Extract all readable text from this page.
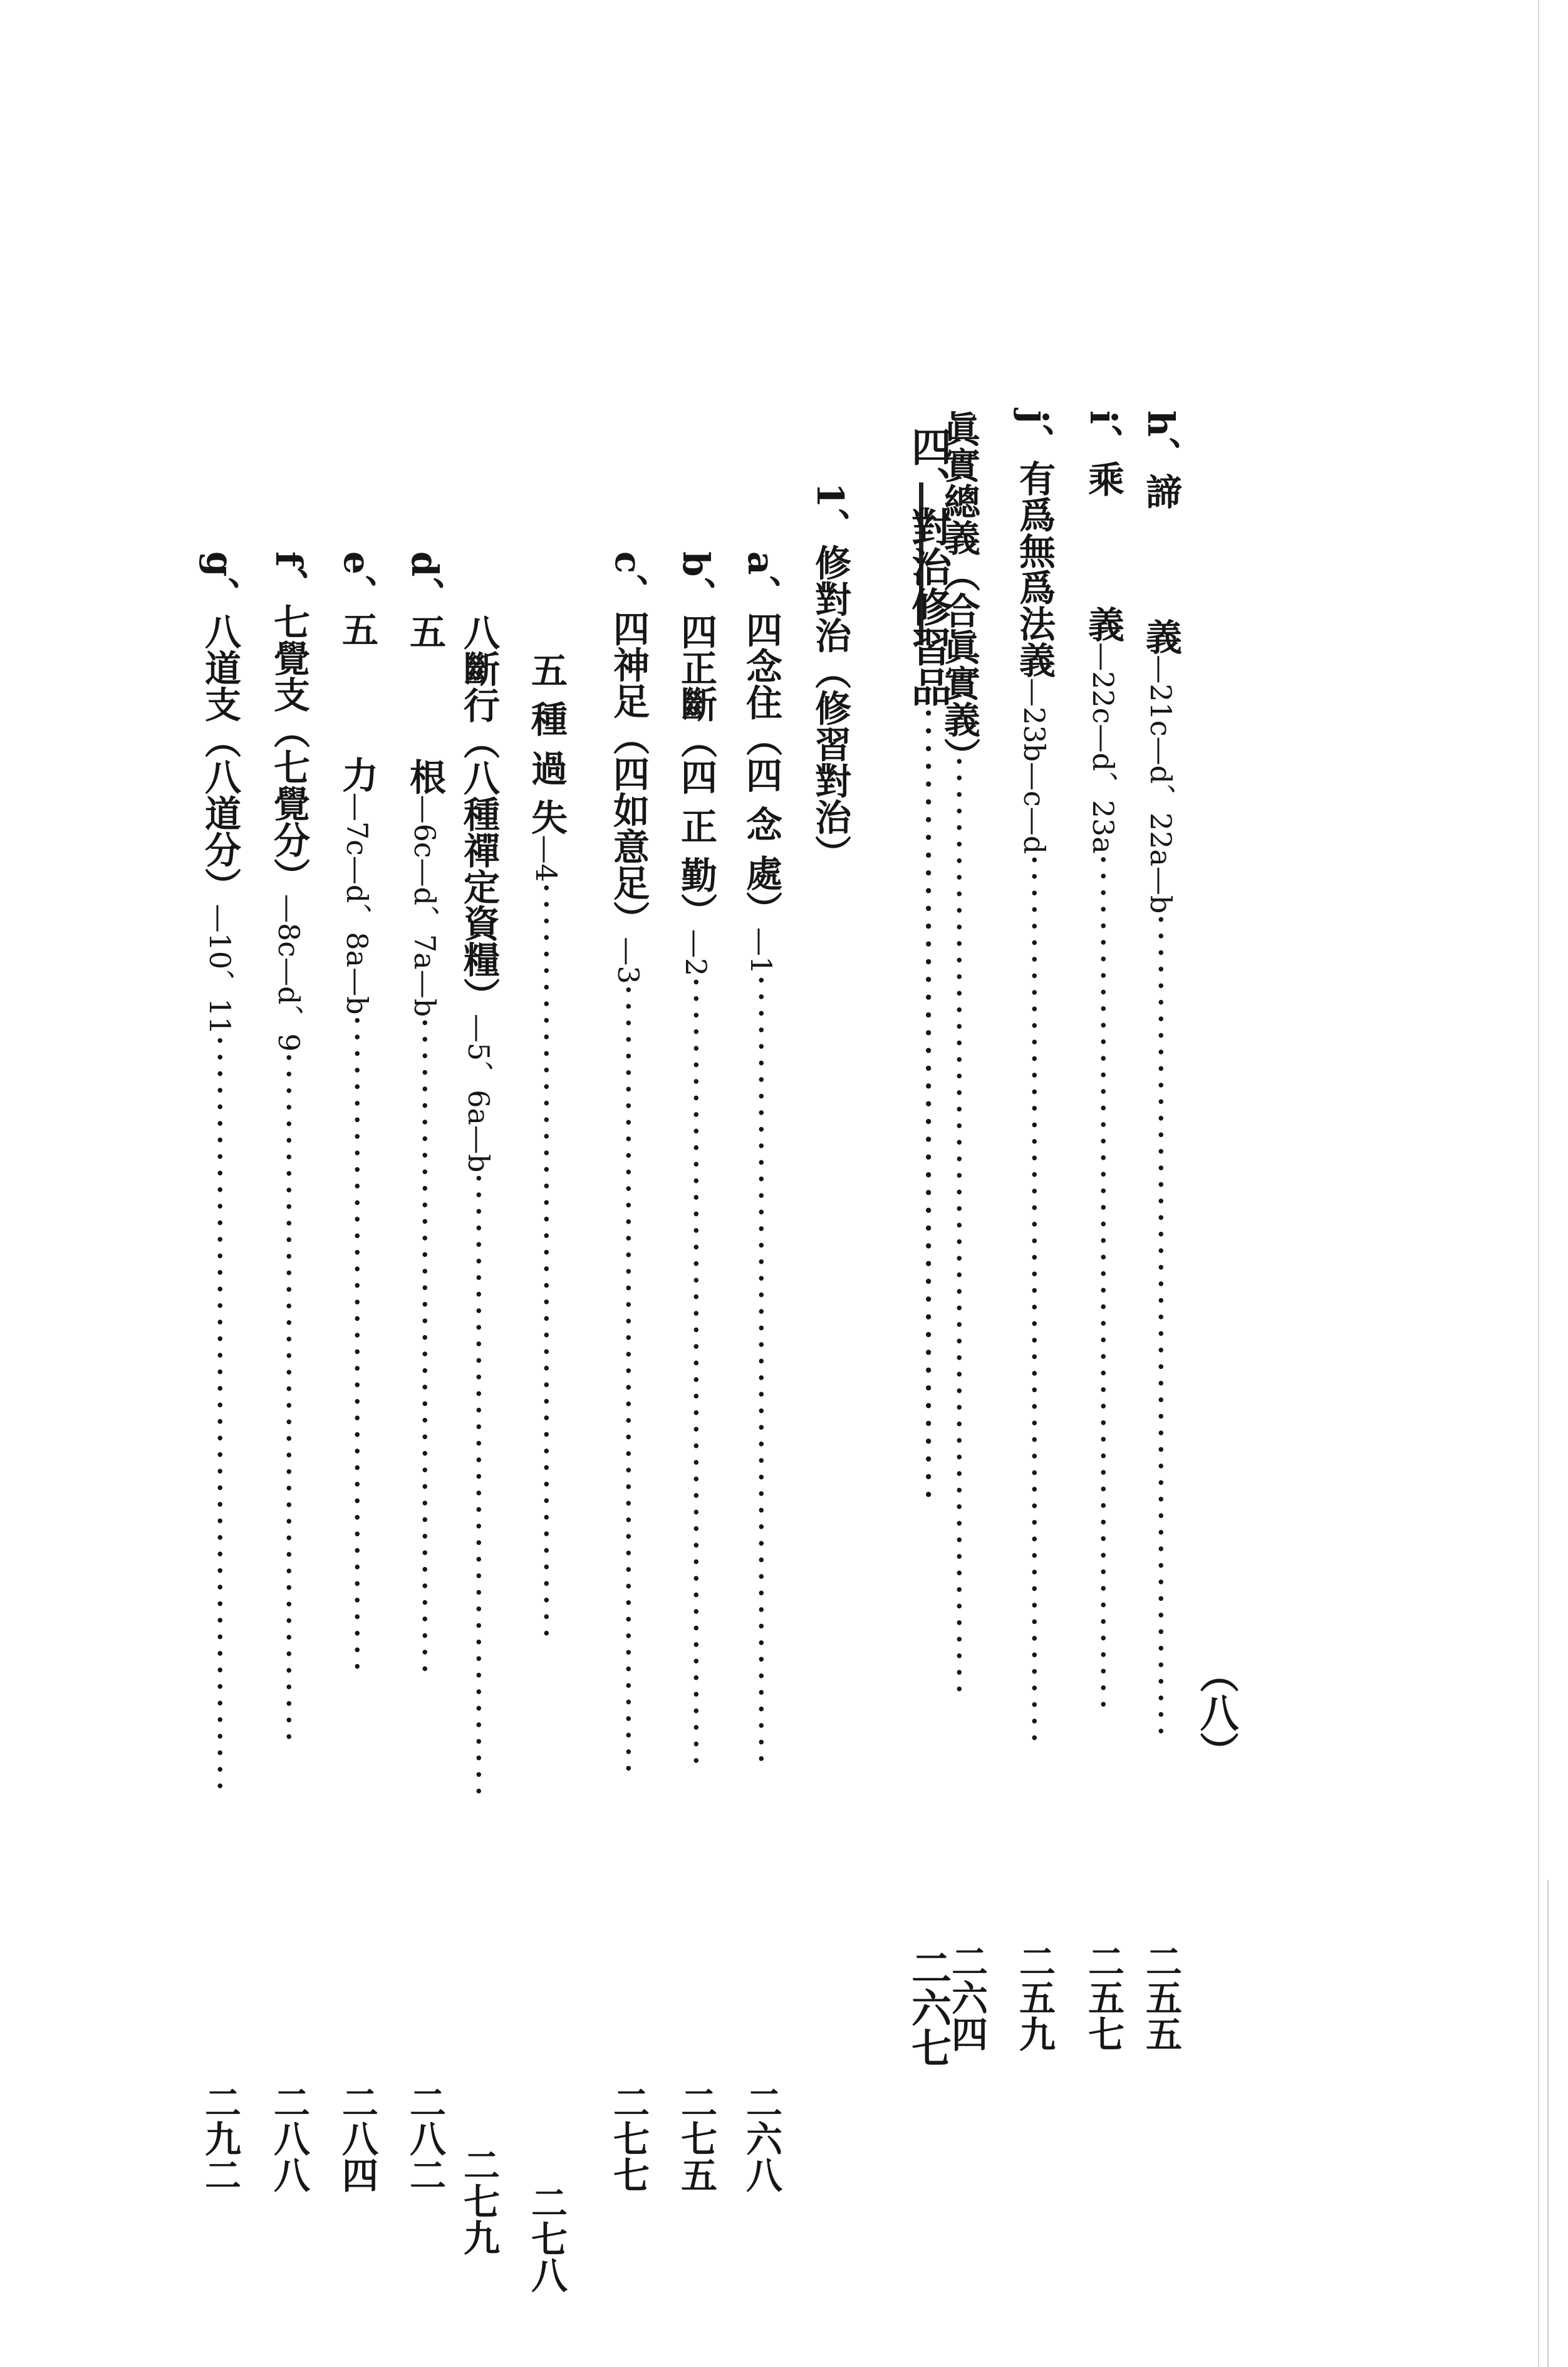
（八）
h、諦　　　義—21c—d、22a—b··················································
二五五
i、乘　　　義—22c—d、23a····················································
二五七
j、有爲無爲法義—23b—c—d······················································
二五九
眞實總義（合眞實義）·························································
二六四
四、對治修習品·············································
二六七
1、修對治（修習對治）
a、四念住（四 念 處）—1················································
二六八
b、四正斷（四 正 勤）—2················································
二七五
c、四神足（四如意足）—3················································
二七七
五 種 過 失—4··············································
二七八
八斷行（八種禪定資糧）—5、6a—b······································
二七九
d、五　　　根—6c—d、7a—b········································
二八二
e、五　　　力—7c—d、8a—b········································
二八四
f、七覺支（七覺分）—8c—d、9··········································
二八八
g、八道支（八道分）—10、11··············································
二九二
